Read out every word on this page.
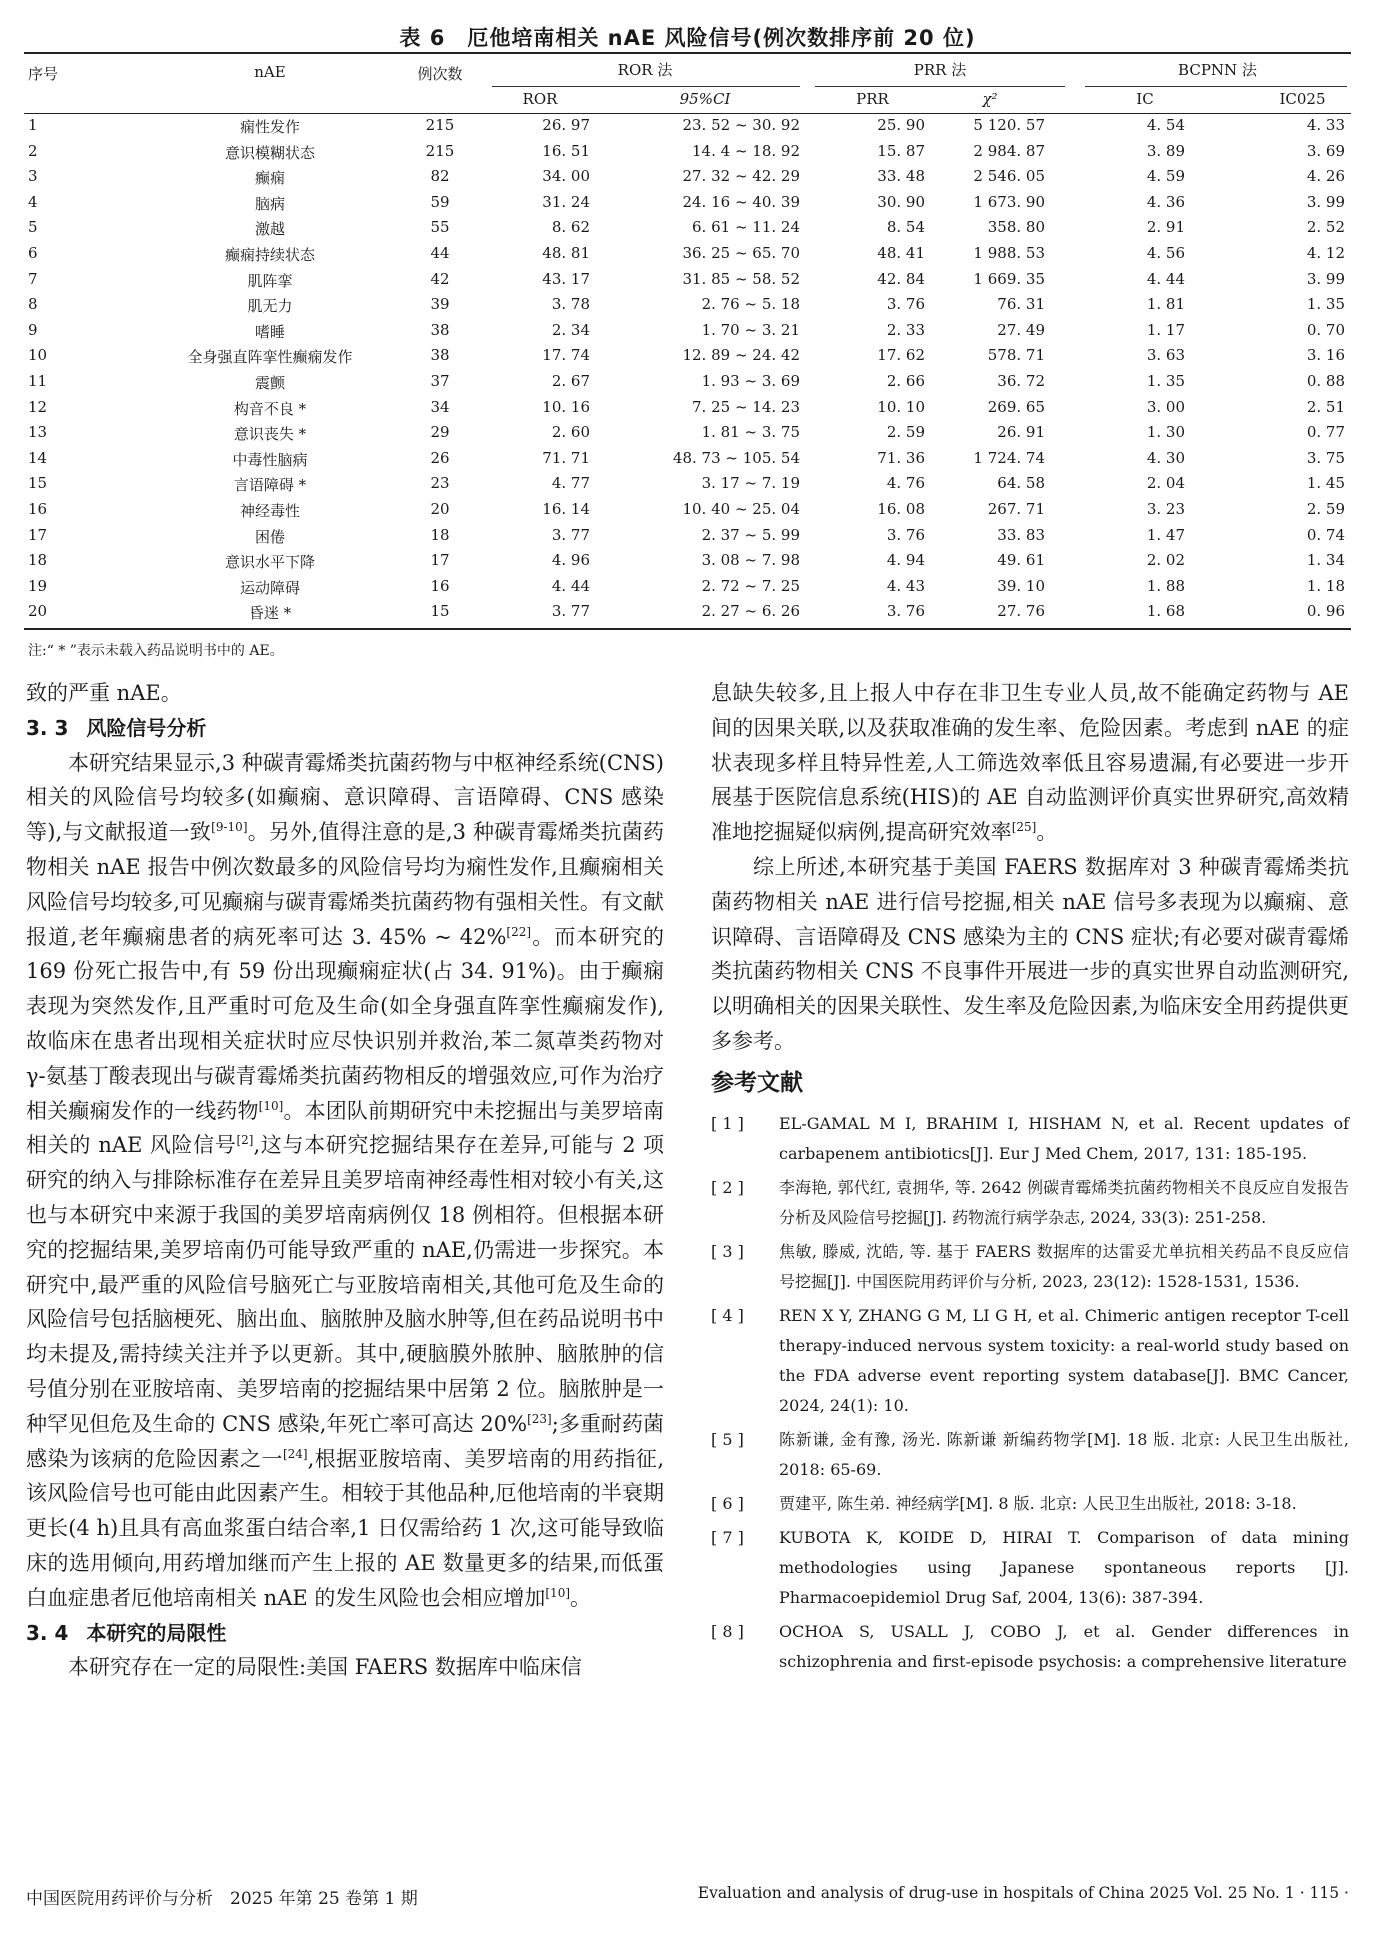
表 6　厄他培南相关 nAE 风险信号(例次数排序前 20 位)
序号	nAE	例次数	ROR 法	PRR 法	BCPNN 法
ROR	95%CI	PRR	χ²	IC	IC025
1	痫性发作	215	26. 97	23. 52 ~ 30. 92	25. 90	5 120. 57	4. 54	4. 33
2	意识模糊状态	215	16. 51	14. 4 ~ 18. 92	15. 87	2 984. 87	3. 89	3. 69
3	癫痫	82	34. 00	27. 32 ~ 42. 29	33. 48	2 546. 05	4. 59	4. 26
4	脑病	59	31. 24	24. 16 ~ 40. 39	30. 90	1 673. 90	4. 36	3. 99
5	激越	55	8. 62	6. 61 ~ 11. 24	8. 54	358. 80	2. 91	2. 52
6	癫痫持续状态	44	48. 81	36. 25 ~ 65. 70	48. 41	1 988. 53	4. 56	4. 12
7	肌阵挛	42	43. 17	31. 85 ~ 58. 52	42. 84	1 669. 35	4. 44	3. 99
8	肌无力	39	3. 78	2. 76 ~ 5. 18	3. 76	76. 31	1. 81	1. 35
9	嗜睡	38	2. 34	1. 70 ~ 3. 21	2. 33	27. 49	1. 17	0. 70
10	全身强直阵挛性癫痫发作	38	17. 74	12. 89 ~ 24. 42	17. 62	578. 71	3. 63	3. 16
11	震颤	37	2. 67	1. 93 ~ 3. 69	2. 66	36. 72	1. 35	0. 88
12	构音不良 *	34	10. 16	7. 25 ~ 14. 23	10. 10	269. 65	3. 00	2. 51
13	意识丧失 *	29	2. 60	1. 81 ~ 3. 75	2. 59	26. 91	1. 30	0. 77
14	中毒性脑病	26	71. 71	48. 73 ~ 105. 54	71. 36	1 724. 74	4. 30	3. 75
15	言语障碍 *	23	4. 77	3. 17 ~ 7. 19	4. 76	64. 58	2. 04	1. 45
16	神经毒性	20	16. 14	10. 40 ~ 25. 04	16. 08	267. 71	3. 23	2. 59
17	困倦	18	3. 77	2. 37 ~ 5. 99	3. 76	33. 83	1. 47	0. 74
18	意识水平下降	17	4. 96	3. 08 ~ 7. 98	4. 94	49. 61	2. 02	1. 34
19	运动障碍	16	4. 44	2. 72 ~ 7. 25	4. 43	39. 10	1. 88	1. 18
20	昏迷 *	15	3. 77	2. 27 ~ 6. 26	3. 76	27. 76	1. 68	0. 96
注:“ * ”表示未载入药品说明书中的 AE。

致的严重 nAE。

3. 3 风险信号分析

本研究结果显示,3 种碳青霉烯类抗菌药物与中枢神经系统(CNS)相关的风险信号均较多(如癫痫、意识障碍、言语障碍、CNS 感染等),与文献报道一致[9-10]。另外,值得注意的是,3 种碳青霉烯类抗菌药物相关 nAE 报告中例次数最多的风险信号均为痫性发作,且癫痫相关风险信号均较多,可见癫痫与碳青霉烯类抗菌药物有强相关性。有文献报道,老年癫痫患者的病死率可达 3. 45% ~ 42%[22]。而本研究的 169 份死亡报告中,有 59 份出现癫痫症状(占 34. 91%)。由于癫痫表现为突然发作,且严重时可危及生命(如全身强直阵挛性癫痫发作),故临床在患者出现相关症状时应尽快识别并救治,苯二氮䓬类药物对 γ-氨基丁酸表现出与碳青霉烯类抗菌药物相反的增强效应,可作为治疗相关癫痫发作的一线药物[10]。本团队前期研究中未挖掘出与美罗培南相关的 nAE 风险信号[2],这与本研究挖掘结果存在差异,可能与 2 项研究的纳入与排除标准存在差异且美罗培南神经毒性相对较小有关,这也与本研究中来源于我国的美罗培南病例仅 18 例相符。但根据本研究的挖掘结果,美罗培南仍可能导致严重的 nAE,仍需进一步探究。本研究中,最严重的风险信号脑死亡与亚胺培南相关,其他可危及生命的风险信号包括脑梗死、脑出血、脑脓肿及脑水肿等,但在药品说明书中均未提及,需持续关注并予以更新。其中,硬脑膜外脓肿、脑脓肿的信号值分别在亚胺培南、美罗培南的挖掘结果中居第 2 位。脑脓肿是一种罕见但危及生命的 CNS 感染,年死亡率可高达 20%[23];多重耐药菌感染为该病的危险因素之一[24],根据亚胺培南、美罗培南的用药指征,该风险信号也可能由此因素产生。相较于其他品种,厄他培南的半衰期更长(4 h)且具有高血浆蛋白结合率,1 日仅需给药 1 次,这可能导致临床的选用倾向,用药增加继而产生上报的 AE 数量更多的结果,而低蛋白血症患者厄他培南相关 nAE 的发生风险也会相应增加[10]。

3. 4 本研究的局限性

本研究存在一定的局限性:美国 FAERS 数据库中临床信

息缺失较多,且上报人中存在非卫生专业人员,故不能确定药物与 AE 间的因果关联,以及获取准确的发生率、危险因素。考虑到 nAE 的症状表现多样且特异性差,人工筛选效率低且容易遗漏,有必要进一步开展基于医院信息系统(HIS)的 AE 自动监测评价真实世界研究,高效精准地挖掘疑似病例,提高研究效率[25]。

综上所述,本研究基于美国 FAERS 数据库对 3 种碳青霉烯类抗菌药物相关 nAE 进行信号挖掘,相关 nAE 信号多表现为以癫痫、意识障碍、言语障碍及 CNS 感染为主的 CNS 症状;有必要对碳青霉烯类抗菌药物相关 CNS 不良事件开展进一步的真实世界自动监测研究,以明确相关的因果关联性、发生率及危险因素,为临床安全用药提供更多参考。

参考文献
[ 1 ]	EL-GAMAL M I, BRAHIM I, HISHAM N, et al. Recent updates of carbapenem antibiotics[J]. Eur J Med Chem, 2017, 131: 185-195.
[ 2 ]	李海艳, 郭代红, 袁拥华, 等. 2642 例碳青霉烯类抗菌药物相关不良反应自发报告分析及风险信号挖掘[J]. 药物流行病学杂志, 2024, 33(3): 251-258.
[ 3 ]	焦敏, 滕威, 沈皓, 等. 基于 FAERS 数据库的达雷妥尤单抗相关药品不良反应信号挖掘[J]. 中国医院用药评价与分析, 2023, 23(12): 1528-1531, 1536.
[ 4 ]	REN X Y, ZHANG G M, LI G H, et al. Chimeric antigen receptor T-cell therapy-induced nervous system toxicity: a real-world study based on the FDA adverse event reporting system database[J]. BMC Cancer, 2024, 24(1): 10.
[ 5 ]	陈新谦, 金有豫, 汤光. 陈新谦 新编药物学[M]. 18 版. 北京: 人民卫生出版社, 2018: 65-69.
[ 6 ]	贾建平, 陈生弟. 神经病学[M]. 8 版. 北京: 人民卫生出版社, 2018: 3-18.
[ 7 ]	KUBOTA K, KOIDE D, HIRAI T. Comparison of data mining methodologies using Japanese spontaneous reports [J]. Pharmacoepidemiol Drug Saf, 2004, 13(6): 387-394.
[ 8 ]	OCHOA S, USALL J, COBO J, et al. Gender differences in schizophrenia and first-episode psychosis: a comprehensive literature
中国医院用药评价与分析　2025 年第 25 卷第 1 期	Evaluation and analysis of drug-use in hospitals of China 2025 Vol. 25 No. 1 · 115 ·
